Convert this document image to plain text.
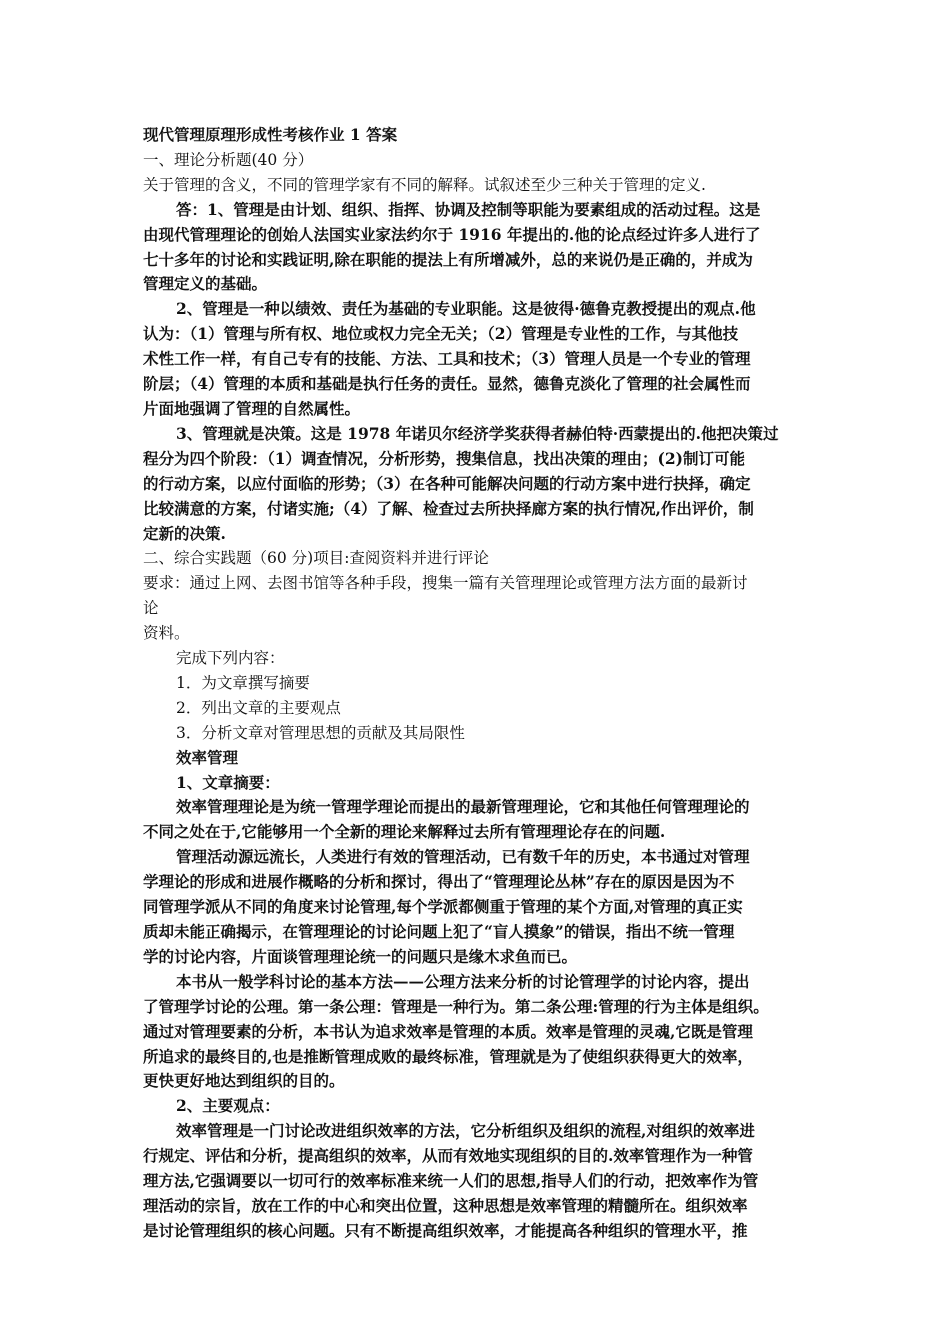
现代管理原理形成性考核作业 1 答案
一、理论分析题(40 分）
关于管理的含义，不同的管理学家有不同的解释。试叙述至少三种关于管理的定义.
答：1、管理是由计划、组织、指挥、协调及控制等职能为要素组成的活动过程。这是
由现代管理理论的创始人法国实业家法约尔于 1916 年提出的.他的论点经过许多人进行了
七十多年的讨论和实践证明,除在职能的提法上有所增减外，总的来说仍是正确的，并成为
管理定义的基础。
2、管理是一种以绩效、责任为基础的专业职能。这是彼得·德鲁克教授提出的观点.他
认为：（1）管理与所有权、地位或权力完全无关；（2）管理是专业性的工作，与其他技
术性工作一样，有自己专有的技能、方法、工具和技术；（3）管理人员是一个专业的管理
阶层；（4）管理的本质和基础是执行任务的责任。显然，德鲁克淡化了管理的社会属性而
片面地强调了管理的自然属性。
3、管理就是决策。这是 1978 年诺贝尔经济学奖获得者赫伯特·西蒙提出的.他把决策过
程分为四个阶段：（1）调查情况，分析形势，搜集信息，找出决策的理由；(2)制订可能
的行动方案，以应付面临的形势；（3）在各种可能解决问题的行动方案中进行抉择，确定
比较满意的方案，付诸实施;（4）了解、检查过去所抉择廊方案的执行情况,作出评价，制
定新的决策.
二、综合实践题（60 分)项目:查阅资料并进行评论
要求：通过上网、去图书馆等各种手段，搜集一篇有关管理理论或管理方法方面的最新讨
论
资料。
完成下列内容：
1．为文章撰写摘要
2．列出文章的主要观点
3．分析文章对管理思想的贡献及其局限性
效率管理
1、文章摘要：
效率管理理论是为统一管理学理论而提出的最新管理理论，它和其他任何管理理论的
不同之处在于,它能够用一个全新的理论来解释过去所有管理理论存在的问题.
管理活动源远流长，人类进行有效的管理活动，已有数千年的历史，本书通过对管理
学理论的形成和进展作概略的分析和探讨，得出了“管理理论丛林”存在的原因是因为不
同管理学派从不同的角度来讨论管理,每个学派都侧重于管理的某个方面,对管理的真正实
质却未能正确揭示，在管理理论的讨论问题上犯了“盲人摸象”的错误，指出不统一管理
学的讨论内容，片面谈管理理论统一的问题只是缘木求鱼而已。
本书从一般学科讨论的基本方法——公理方法来分析的讨论管理学的讨论内容，提出
了管理学讨论的公理。第一条公理：管理是一种行为。第二条公理:管理的行为主体是组织。
通过对管理要素的分析，本书认为追求效率是管理的本质。效率是管理的灵魂,它既是管理
所追求的最终目的,也是推断管理成败的最终标准，管理就是为了使组织获得更大的效率，
更快更好地达到组织的目的。
2、主要观点：
效率管理是一门讨论改进组织效率的方法，它分析组织及组织的流程,对组织的效率进
行规定、评估和分析，提高组织的效率，从而有效地实现组织的目的.效率管理作为一种管
理方法,它强调要以一切可行的效率标准来统一人们的思想,指导人们的行动，把效率作为管
理活动的宗旨，放在工作的中心和突出位置，这种思想是效率管理的精髓所在。组织效率
是讨论管理组织的核心问题。只有不断提高组织效率，才能提高各种组织的管理水平，推
